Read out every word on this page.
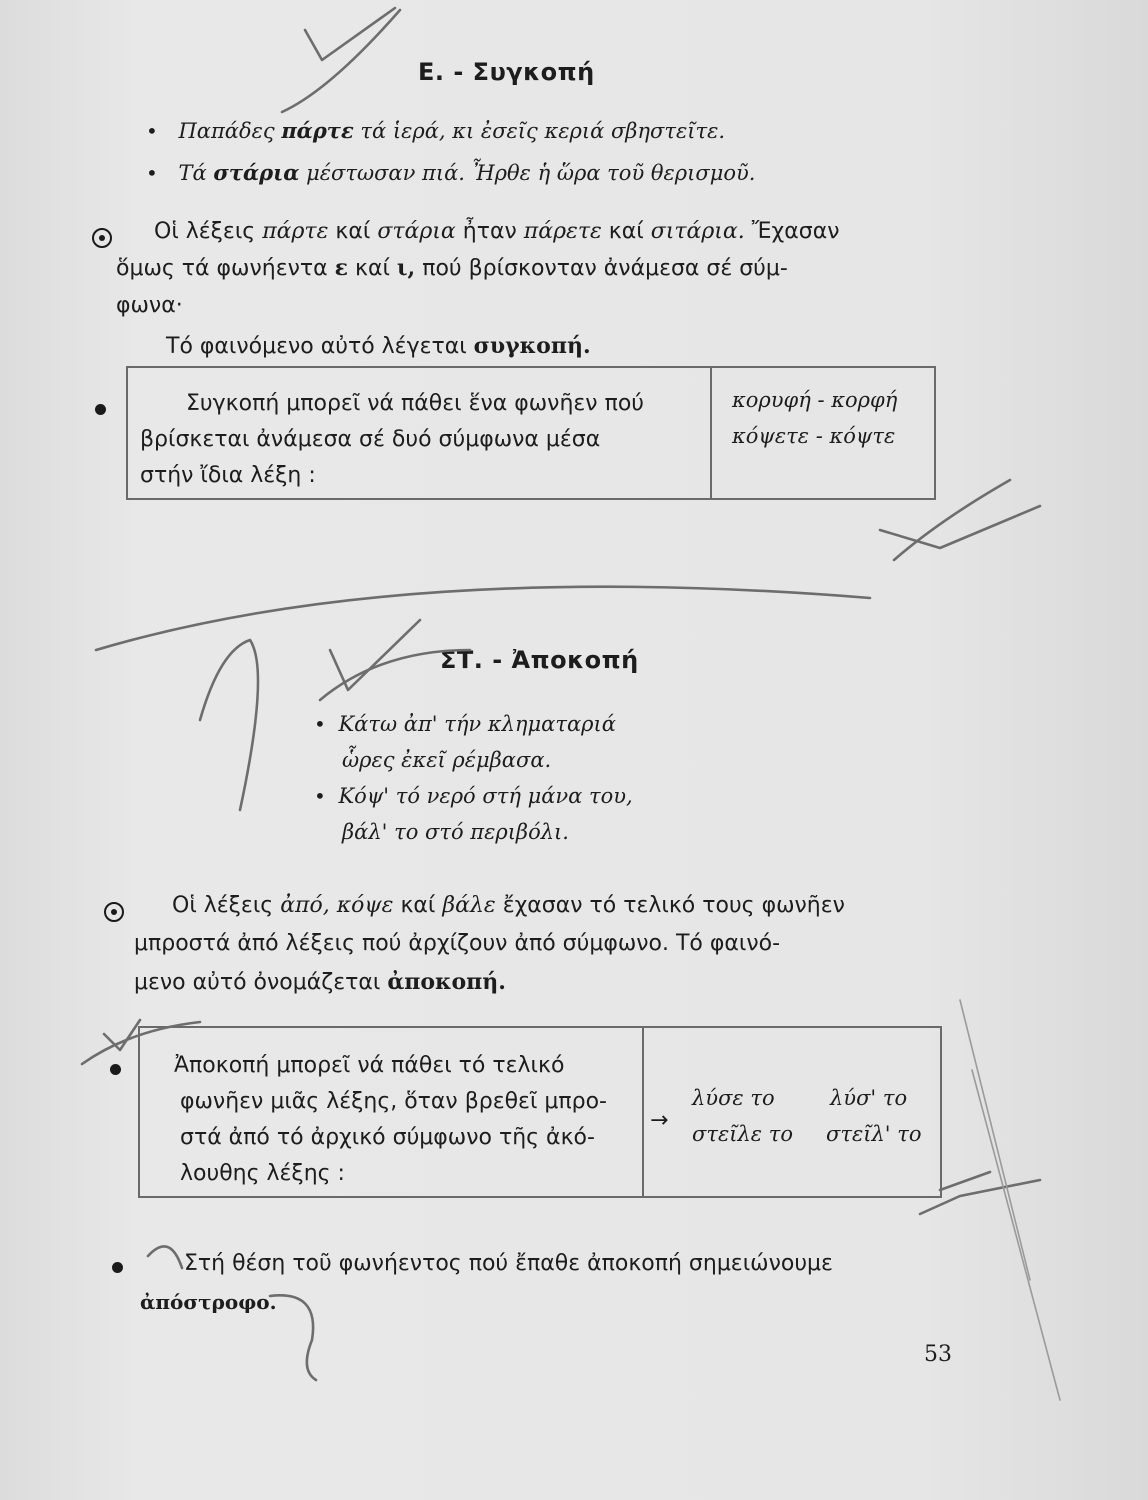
Ε. - Συγκοπή
• Παπάδες πάρτε τά ἱερά, κι ἐσεῖς κεριά σβηστεῖτε.
• Τά στάρια μέστωσαν πιά. Ἦρθε ἡ ὥρα τοῦ θερισμοῦ.
Οἱ λέξεις πάρτε καί στάρια ἦταν πάρετε καί σιτάρια. Ἔχασαν
ὅμως τά φωνήεντα ε καί ι, πού βρίσκονταν ἀνάμεσα σέ σύμ-
φωνα·
Τό φαινόμενο αὐτό λέγεται συγκοπή.
Συγκοπή μπορεῖ νά πάθει ἕνα φωνῆεν πού
βρίσκεται ἀνάμεσα σέ δυό σύμφωνα μέσα
στήν ἴδια λέξη :
κορυφή - κορφή
κόψετε - κόψτε
ΣΤ. - Ἀποκοπή
• Κάτω ἀπ' τήν κληματαριά
ὧρες ἐκεῖ ρέμβασα.
• Κόψ' τό νερό στή μάνα του,
βάλ' το στό περιβόλι.
Οἱ λέξεις ἀπό, κόψε καί βάλε ἔχασαν τό τελικό τους φωνῆεν
μπροστά ἀπό λέξεις πού ἀρχίζουν ἀπό σύμφωνο. Τό φαινό-
μενο αὐτό ὀνομάζεται ἀποκοπή.
Ἀποκοπή μπορεῖ νά πάθει τό τελικό
φωνῆεν μιᾶς λέξης, ὅταν βρεθεῖ μπρο-
στά ἀπό τό ἀρχικό σύμφωνο τῆς ἀκό-
λουθης λέξης :
→
λύσε το	λύσ' το
στεῖλε το στεῖλ' το
Στή θέση τοῦ φωνήεντος πού ἔπαθε ἀποκοπή σημειώνουμε
ἀπόστροφο.
53
